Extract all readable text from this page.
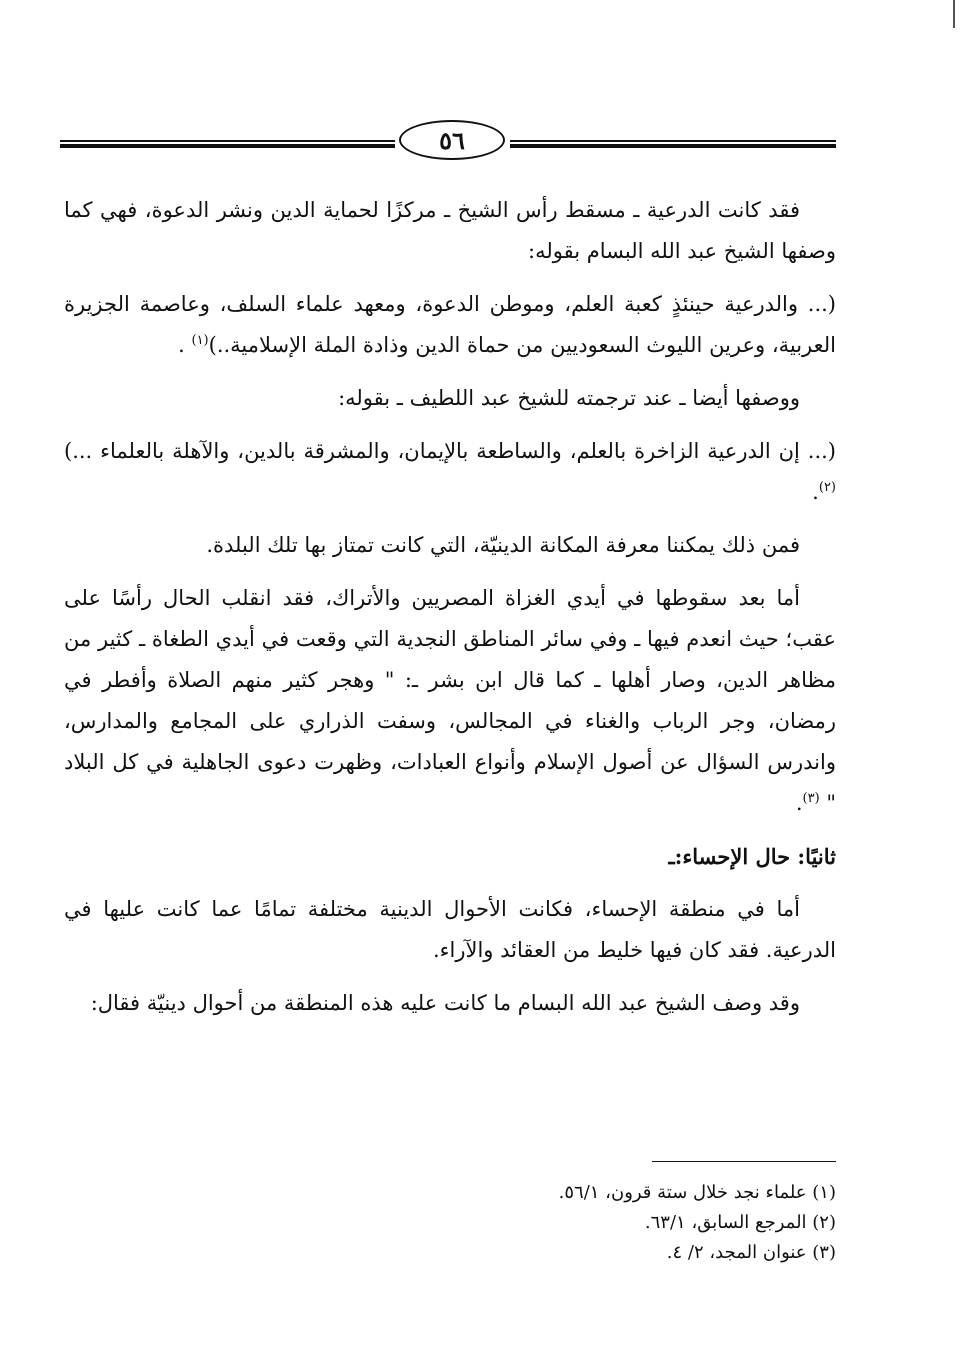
٥٦

فقد كانت الدرعية ـ مسقط رأس الشيخ ـ مركزًا لحماية الدين ونشر الدعوة، فهي كما وصفها الشيخ عبد الله البسام بقوله:

(... والدرعية حينئذٍ كعبة العلم، وموطن الدعوة، ومعهد علماء السلف، وعاصمة الجزيرة العربية، وعرين الليوث السعوديين من حماة الدين وذادة الملة الإسلامية..)$^{(١)}$ .

ووصفها أيضا ـ عند ترجمته للشيخ عبد اللطيف ـ بقوله:

(... إن الدرعية الزاخرة بالعلم، والساطعة بالإيمان، والمشرقة بالدين، والآهلة بالعلماء ...) $^{(٢)}$.

فمن ذلك يمكننا معرفة المكانة الدينيّة، التي كانت تمتاز بها تلك البلدة.

أما بعد سقوطها في أيدي الغزاة المصريين والأتراك، فقد انقلب الحال رأسًا على عقب؛ حيث انعدم فيها ـ وفي سائر المناطق النجدية التي وقعت في أيدي الطغاة ـ كثير من مظاهر الدين، وصار أهلها ـ كما قال ابن بشر ـ: " وهجر كثير منهم الصلاة وأفطر في رمضان، وجر الرباب والغناء في المجالس، وسفت الذراري على المجامع والمدارس، واندرس السؤال عن أصول الإسلام وأنواع العبادات، وظهرت دعوى الجاهلية في كل البلاد " $^{(٣)}$.

ثانيًا: حال الإحساء:ـ

أما في منطقة الإحساء، فكانت الأحوال الدينية مختلفة تمامًا عما كانت عليها في الدرعية. فقد كان فيها خليط من العقائد والآراء.

وقد وصف الشيخ عبد الله البسام ما كانت عليه هذه المنطقة من أحوال دينيّة فقال:

(١) علماء نجد خلال ستة قرون، ٥٦/١.
(٢) المرجع السابق، ٦٣/١.
(٣) عنوان المجد، ٢/ ٤.
